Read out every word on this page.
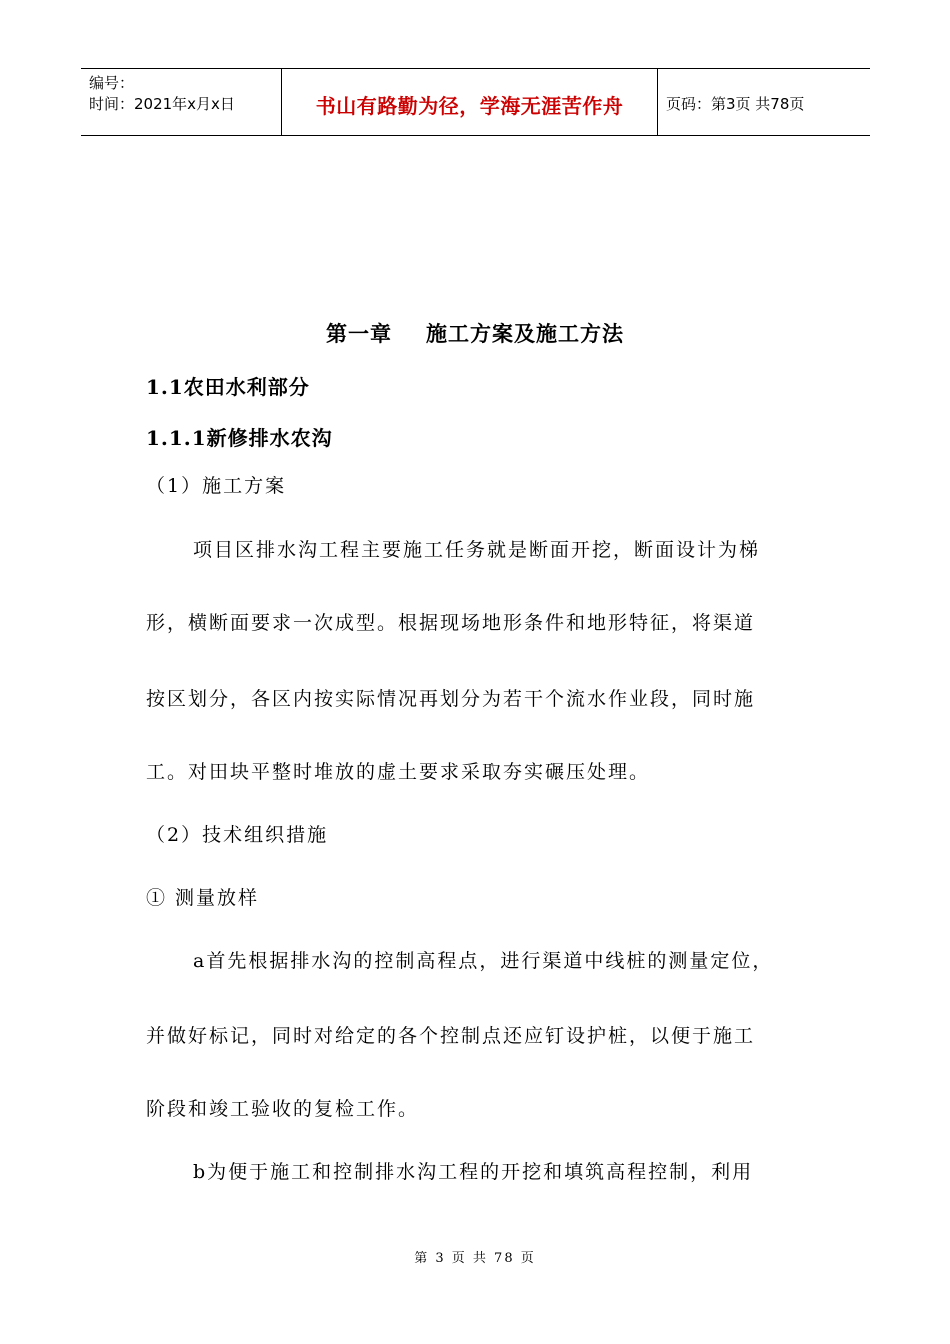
编号：
时间：2021年x月x日	书山有路勤为径，学海无涯苦作舟	页码：第3页 共78页
第一章 施工方案及施工方法
1.1农田水利部分
1.1.1新修排水农沟
（1）施工方案
项目区排水沟工程主要施工任务就是断面开挖，断面设计为梯
形，横断面要求一次成型。根据现场地形条件和地形特征，将渠道
按区划分，各区内按实际情况再划分为若干个流水作业段，同时施
工。对田块平整时堆放的虚土要求采取夯实碾压处理。
（2）技术组织措施
① 测量放样
a首先根据排水沟的控制高程点，进行渠道中线桩的测量定位，
并做好标记，同时对给定的各个控制点还应钉设护桩，以便于施工
阶段和竣工验收的复检工作。
b为便于施工和控制排水沟工程的开挖和填筑高程控制，利用
第 3 页 共 78 页
